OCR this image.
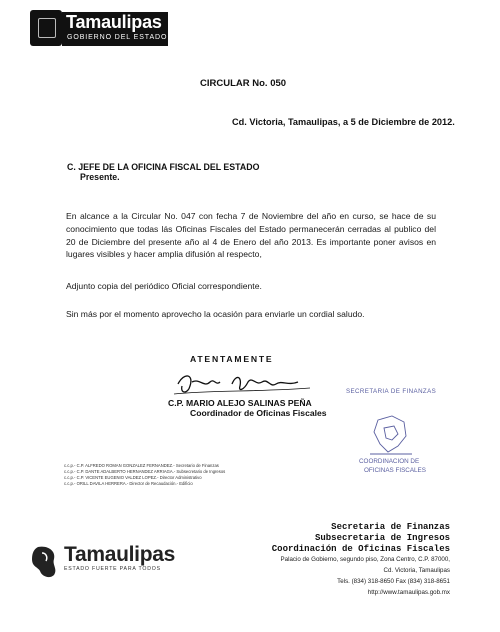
Tamaulipas
GOBIERNO DEL ESTADO
CIRCULAR No. 050
Cd. Victoria, Tamaulipas, a 5 de Diciembre de 2012.
C. JEFE DE LA OFICINA FISCAL DEL ESTADO
Presente.
En alcance a la Circular No. 047 con fecha 7 de Noviembre del año en curso, se hace de su conocimiento que todas lás Oficinas Fiscales del Estado permanecerán cerradas al publico del 20 de Diciembre del presente año al 4 de Enero del año 2013. Es importante poner avisos en lugares visibles y hacer amplia difusión al respecto,
Adjunto copia del periódico Oficial correspondiente.
Sin más por el momento aprovecho la ocasión para enviarle un cordial saludo.
ATENTAMENTE
C.P. MARIO ALEJO SALINAS PEÑA
Coordinador de Oficinas Fiscales
SECRETARIA DE FINANZAS
COORDINACION DE
OFICINAS FISCALES
c.c.p.- C.P. ALFREDO ROMAN GONZALEZ FERNANDEZ.- Secretario de Finanzas
c.c.p.- C.P. DANTE ADALBERTO HERNANDEZ ARRIAGA.- Subsecretario de Ingresos
c.c.p.- C.P. VICENTE EUGENIO VALDEZ LOPEZ.- Director Administrativo
c.c.p.- ORILL DAVILA HERRERA.- Director de Recaudación.- Edificio
Tamaulipas
ESTADO FUERTE PARA TODOS
Secretaria de Finanzas
Subsecretaria de Ingresos
Coordinación de Oficinas Fiscales
Palacio de Gobierno, segundo piso, Zona Centro, C.P. 87000,
Cd. Victoria, Tamaulipas
Tels. (834) 318-8650 Fax (834) 318-8651
http://www.tamaulipas.gob.mx
